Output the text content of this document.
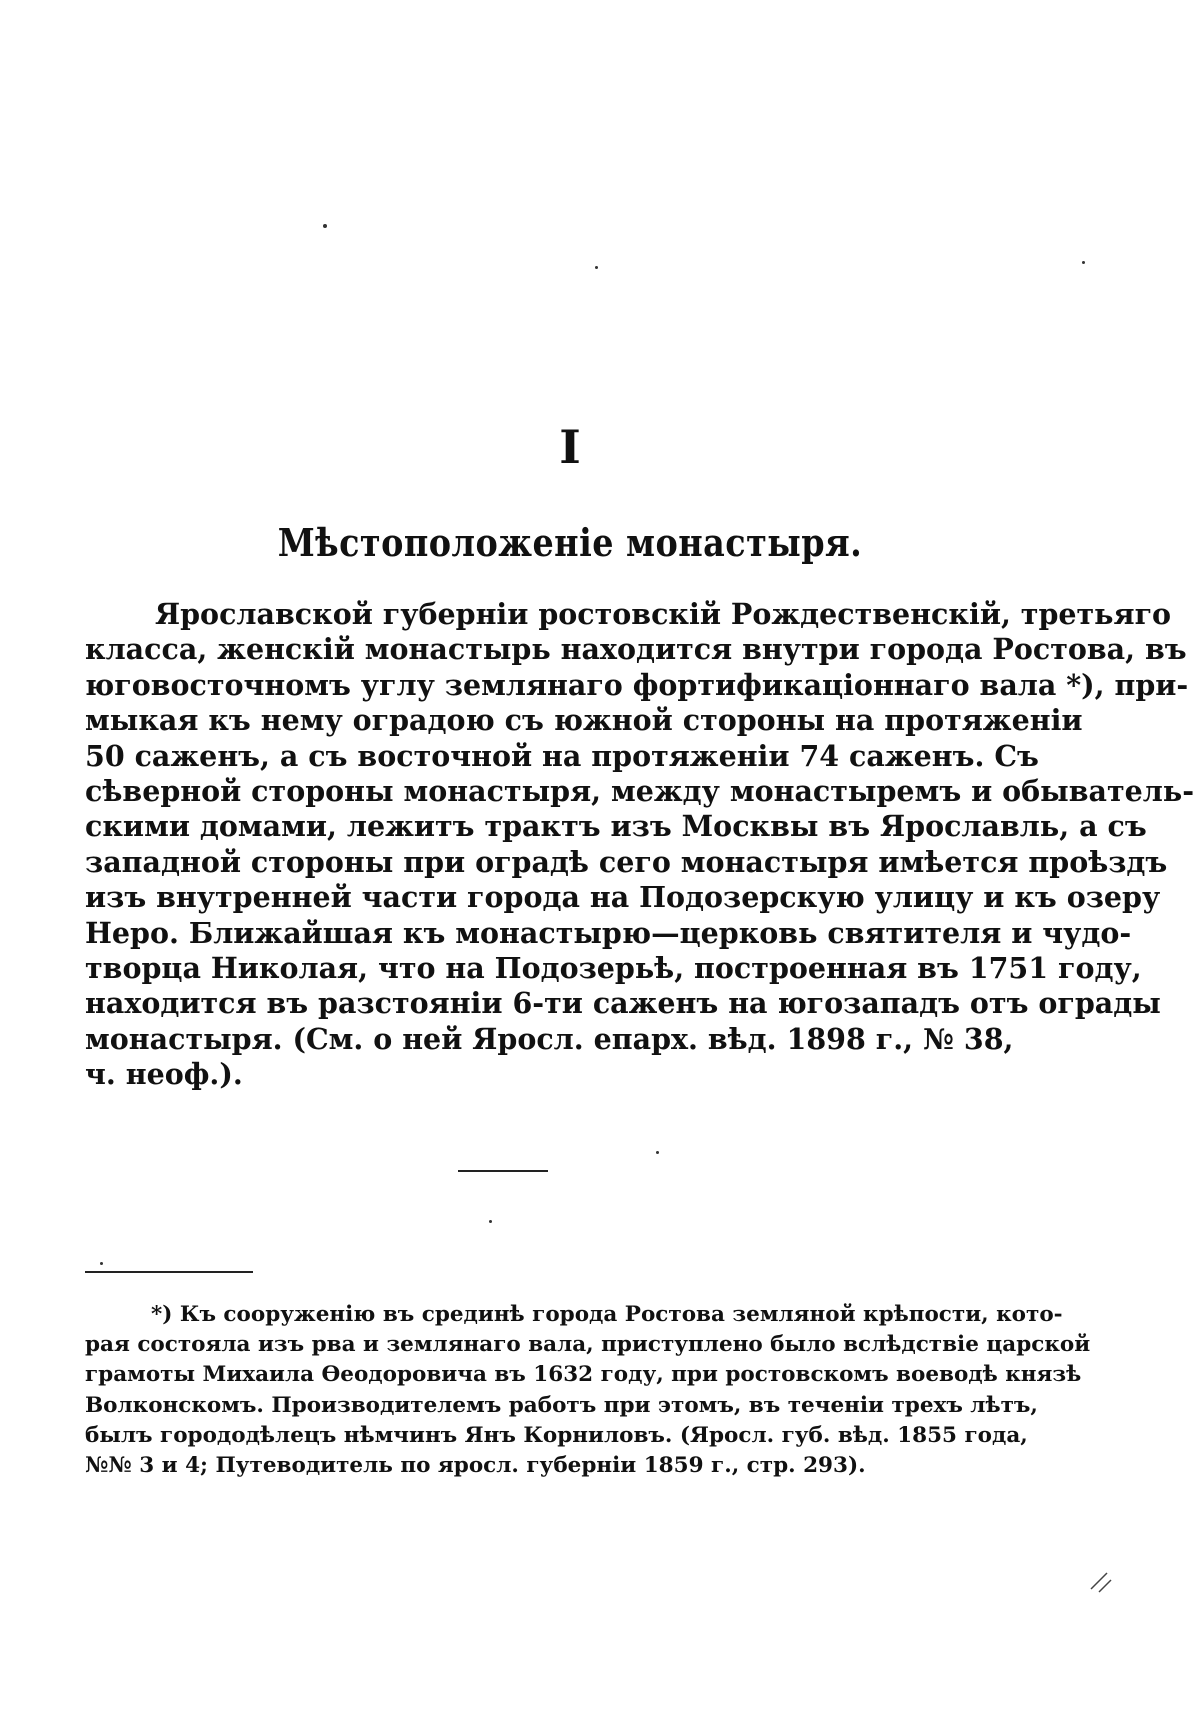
I
Мѣстоположеніе монастыря.
Ярославской губерніи ростовскій Рождественскій, третьяго
класса, женскій монастырь находится внутри города Ростова, въ
юговосточномъ углу землянаго фортификаціоннаго вала *), при-
мыкая къ нему оградою съ южной стороны на протяженіи
50 саженъ, а съ восточной на протяженіи 74 саженъ. Съ
сѣверной стороны монастыря, между монастыремъ и обыватель-
скими домами, лежитъ трактъ изъ Москвы въ Ярославль, а съ
западной стороны при оградѣ сего монастыря имѣется проѣздъ
изъ внутренней части города на Подозерскую улицу и къ озеру
Неро. Ближайшая къ монастырю—церковь святителя и чудо-
творца Николая, что на Подозерьѣ, построенная въ 1751 году,
находится въ разстояніи 6-ти саженъ на югозападъ отъ ограды
монастыря. (См. о ней Яросл. епарх. вѣд. 1898 г., № 38,
ч. неоф.).
*) Къ сооруженію въ срединѣ города Ростова земляной крѣпости, кото-
рая состояла изъ рва и землянаго вала, приступлено было вслѣдствіе царской
грамоты Михаила Ѳеодоровича въ 1632 году, при ростовскомъ воеводѣ князѣ
Волконскомъ. Производителемъ работъ при этомъ, въ теченіи трехъ лѣтъ,
былъ горододѣлецъ нѣмчинъ Янъ Корниловъ. (Яросл. губ. вѣд. 1855 года,
№№ 3 и 4; Путеводитель по яросл. губерніи 1859 г., стр. 293).
